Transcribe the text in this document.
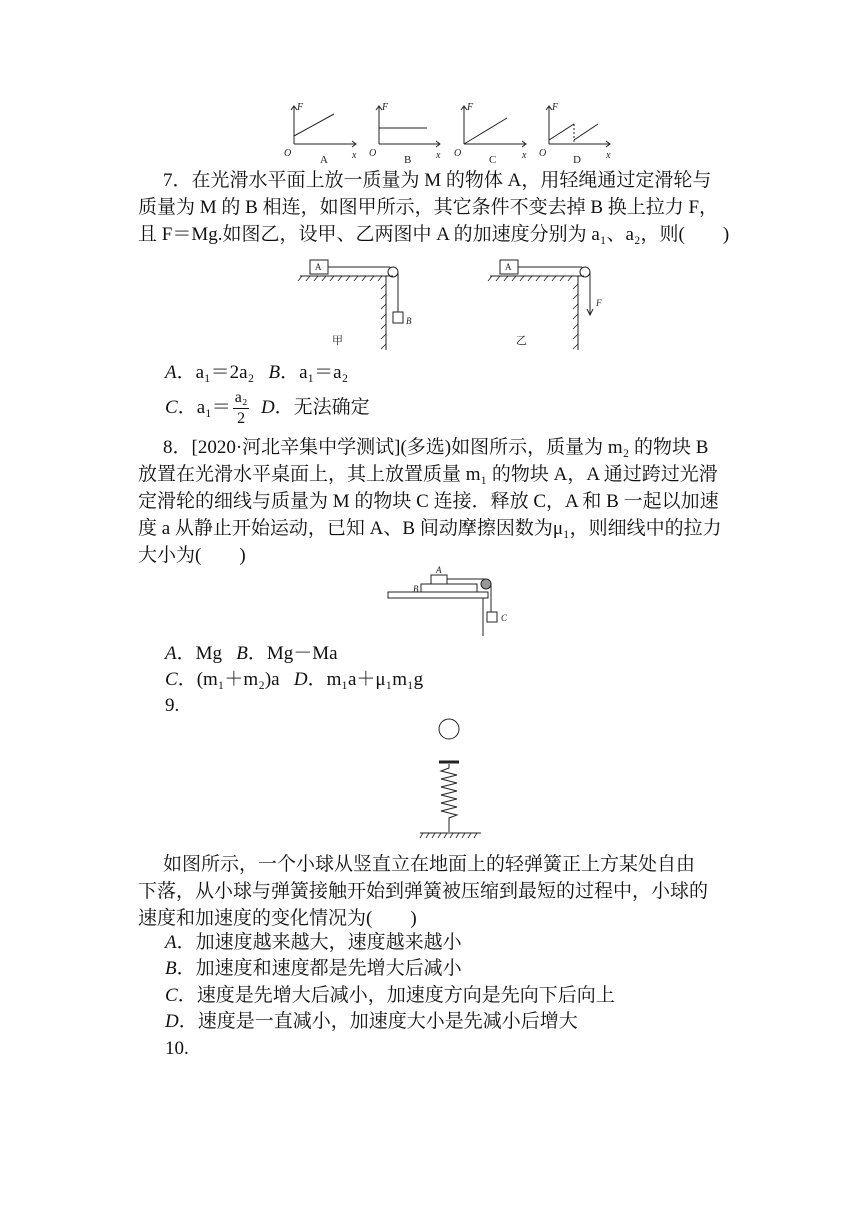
F
x
O
F
x
O
F
x
O
F
x
O
A	B	C	D
7．在光滑水平面上放一质量为 M 的物体 A，用轻绳通过定滑轮与
质量为 M 的 B 相连，如图甲所示，其它条件不变去掉 B 换上拉力 F，
且 F＝Mg.如图乙，设甲、乙两图中 A 的加速度分别为 a₁、a₂，则(　　)
A
B
A
F
甲	乙
A．a₁＝2a₂ B．a₁＝a₂
C．$a_1= \frac{\text{a₂}}{2}$ D．无法确定
8．[2020·河北辛集中学测试](多选)如图所示，质量为 m₂ 的物块 B
放置在光滑水平桌面上，其上放置质量 m₁ 的物块 A，A 通过跨过光滑
定滑轮的细线与质量为 M 的物块 C 连接．释放 C，A 和 B 一起以加速
度 a 从静止开始运动，已知 A、B 间动摩擦因数为μ₁，则细线中的拉力
大小为(　　)
A
B
C
A．Mg B．Mg－Ma
C．(m₁＋m₂)a D．m₁a＋μ₁m₁g
9.
如图所示，一个小球从竖直立在地面上的轻弹簧正上方某处自由
下落，从小球与弹簧接触开始到弹簧被压缩到最短的过程中，小球的
速度和加速度的变化情况为(　　)
A．加速度越来越大，速度越来越小
B．加速度和速度都是先增大后减小
C．速度是先增大后减小，加速度方向是先向下后向上
D．速度是一直减小，加速度大小是先减小后增大
10.
